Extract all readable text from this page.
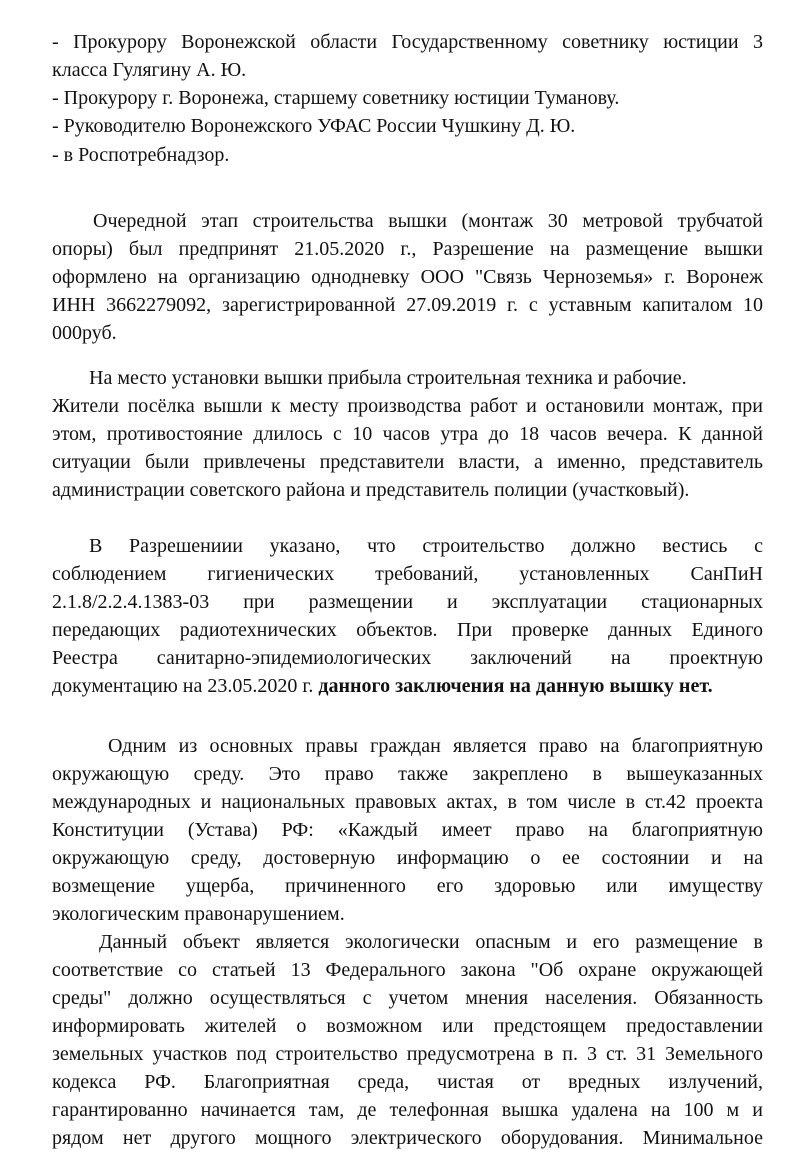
- Прокурору Воронежской области Государственному советнику юстиции 3
класса Гулягину А. Ю.
- Прокурору г. Воронежа, старшему советнику юстиции Туманову.
- Руководителю Воронежского УФАС России Чушкину Д. Ю.
- в Роспотребнадзор.
Очередной этап строительства вышки (монтаж 30 метровой трубчатой
опоры) был предпринят 21.05.2020 г., Разрешение на размещение вышки
оформлено на организацию однодневку ООО "Связь Черноземья» г. Воронеж
ИНН 3662279092, зарегистрированной 27.09.2019 г. с уставным капиталом 10
000руб.
На место установки вышки прибыла строительная техника и рабочие.
Жители посёлка вышли к месту производства работ и остановили монтаж, при
этом, противостояние длилось с 10 часов утра до 18 часов вечера. К данной
ситуации были привлечены представители власти, а именно, представитель
администрации советского района и представитель полиции (участковый).
В Разрешениии указано, что строительство должно вестись с
соблюдением гигиенических требований, установленных СанПиН
2.1.8/2.2.4.1383-03 при размещении и эксплуатации стационарных
передающих радиотехнических объектов. При проверке данных Единого
Реестра санитарно-эпидемиологических заключений на проектную
документацию на 23.05.2020 г. данного заключения на данную вышку нет.
Одним из основных правы граждан является право на благоприятную
окружающую среду. Это право также закреплено в вышеуказанных
международных и национальных правовых актах, в том числе в ст.42 проекта
Конституции (Устава) РФ: «Каждый имеет право на благоприятную
окружающую среду, достоверную информацию о ее состоянии и на
возмещение ущерба, причиненного его здоровью или имуществу
экологическим правонарушением.
Данный объект является экологически опасным и его размещение в
соответствие со статьей 13 Федерального закона "Об охране окружающей
среды" должно осуществляться с учетом мнения населения. Обязанность
информировать жителей о возможном или предстоящем предоставлении
земельных участков под строительство предусмотрена в п. 3 ст. 31 Земельного
кодекса РФ. Благоприятная среда, чистая от вредных излучений,
гарантированно начинается там, де телефонная вышка удалена на 100 м и
рядом нет другого мощного электрического оборудования. Минимальное
